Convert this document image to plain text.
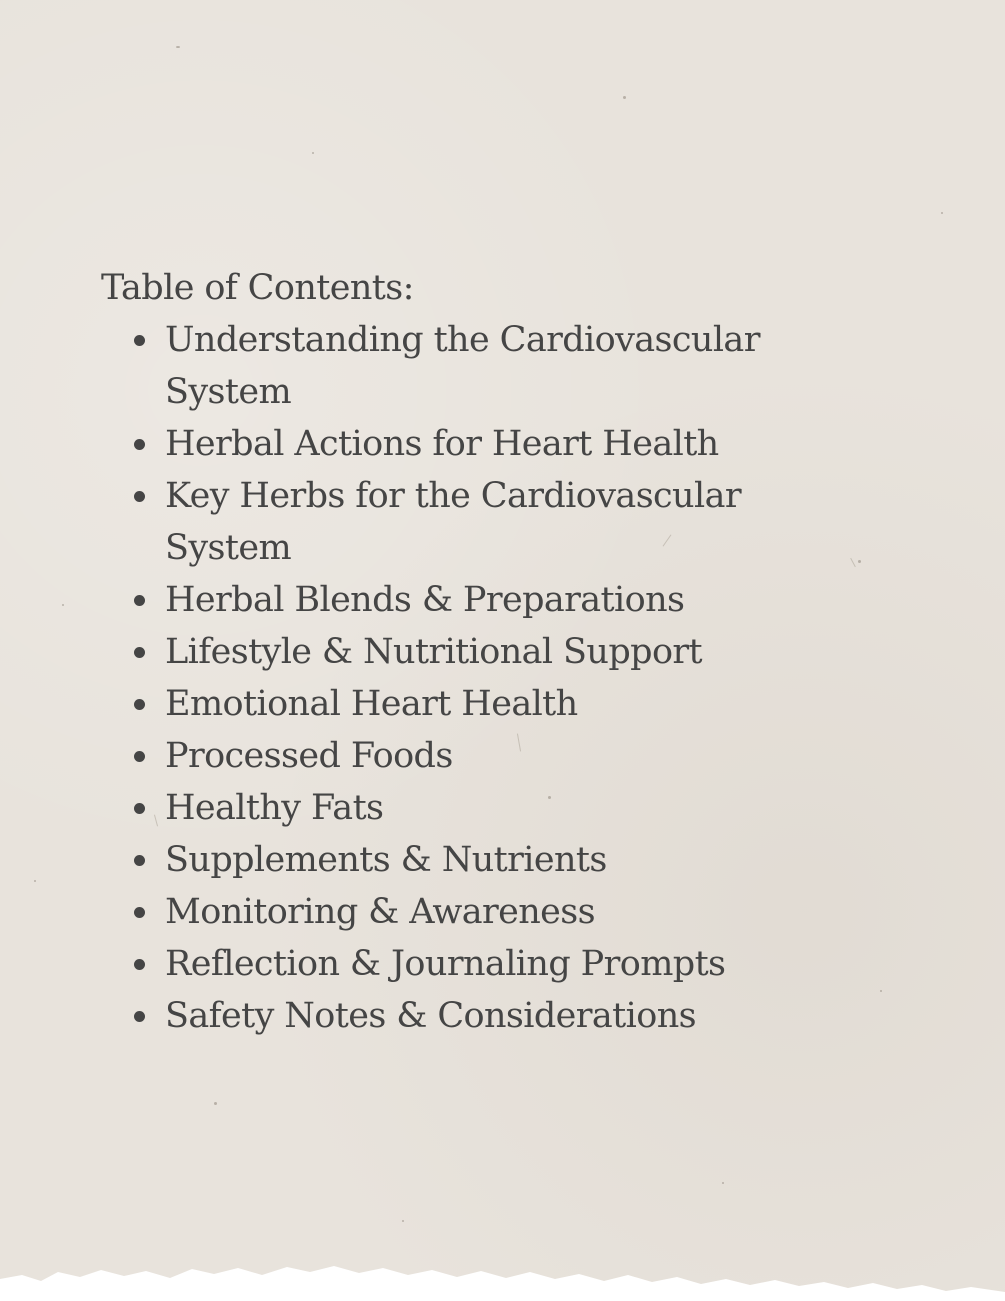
Table of Contents:
Understanding the Cardiovascular System
Herbal Actions for Heart Health
Key Herbs for the Cardiovascular System
Herbal Blends & Preparations
Lifestyle & Nutritional Support
Emotional Heart Health
Processed Foods
Healthy Fats
Supplements & Nutrients
Monitoring & Awareness
Reflection & Journaling Prompts
Safety Notes & Considerations
